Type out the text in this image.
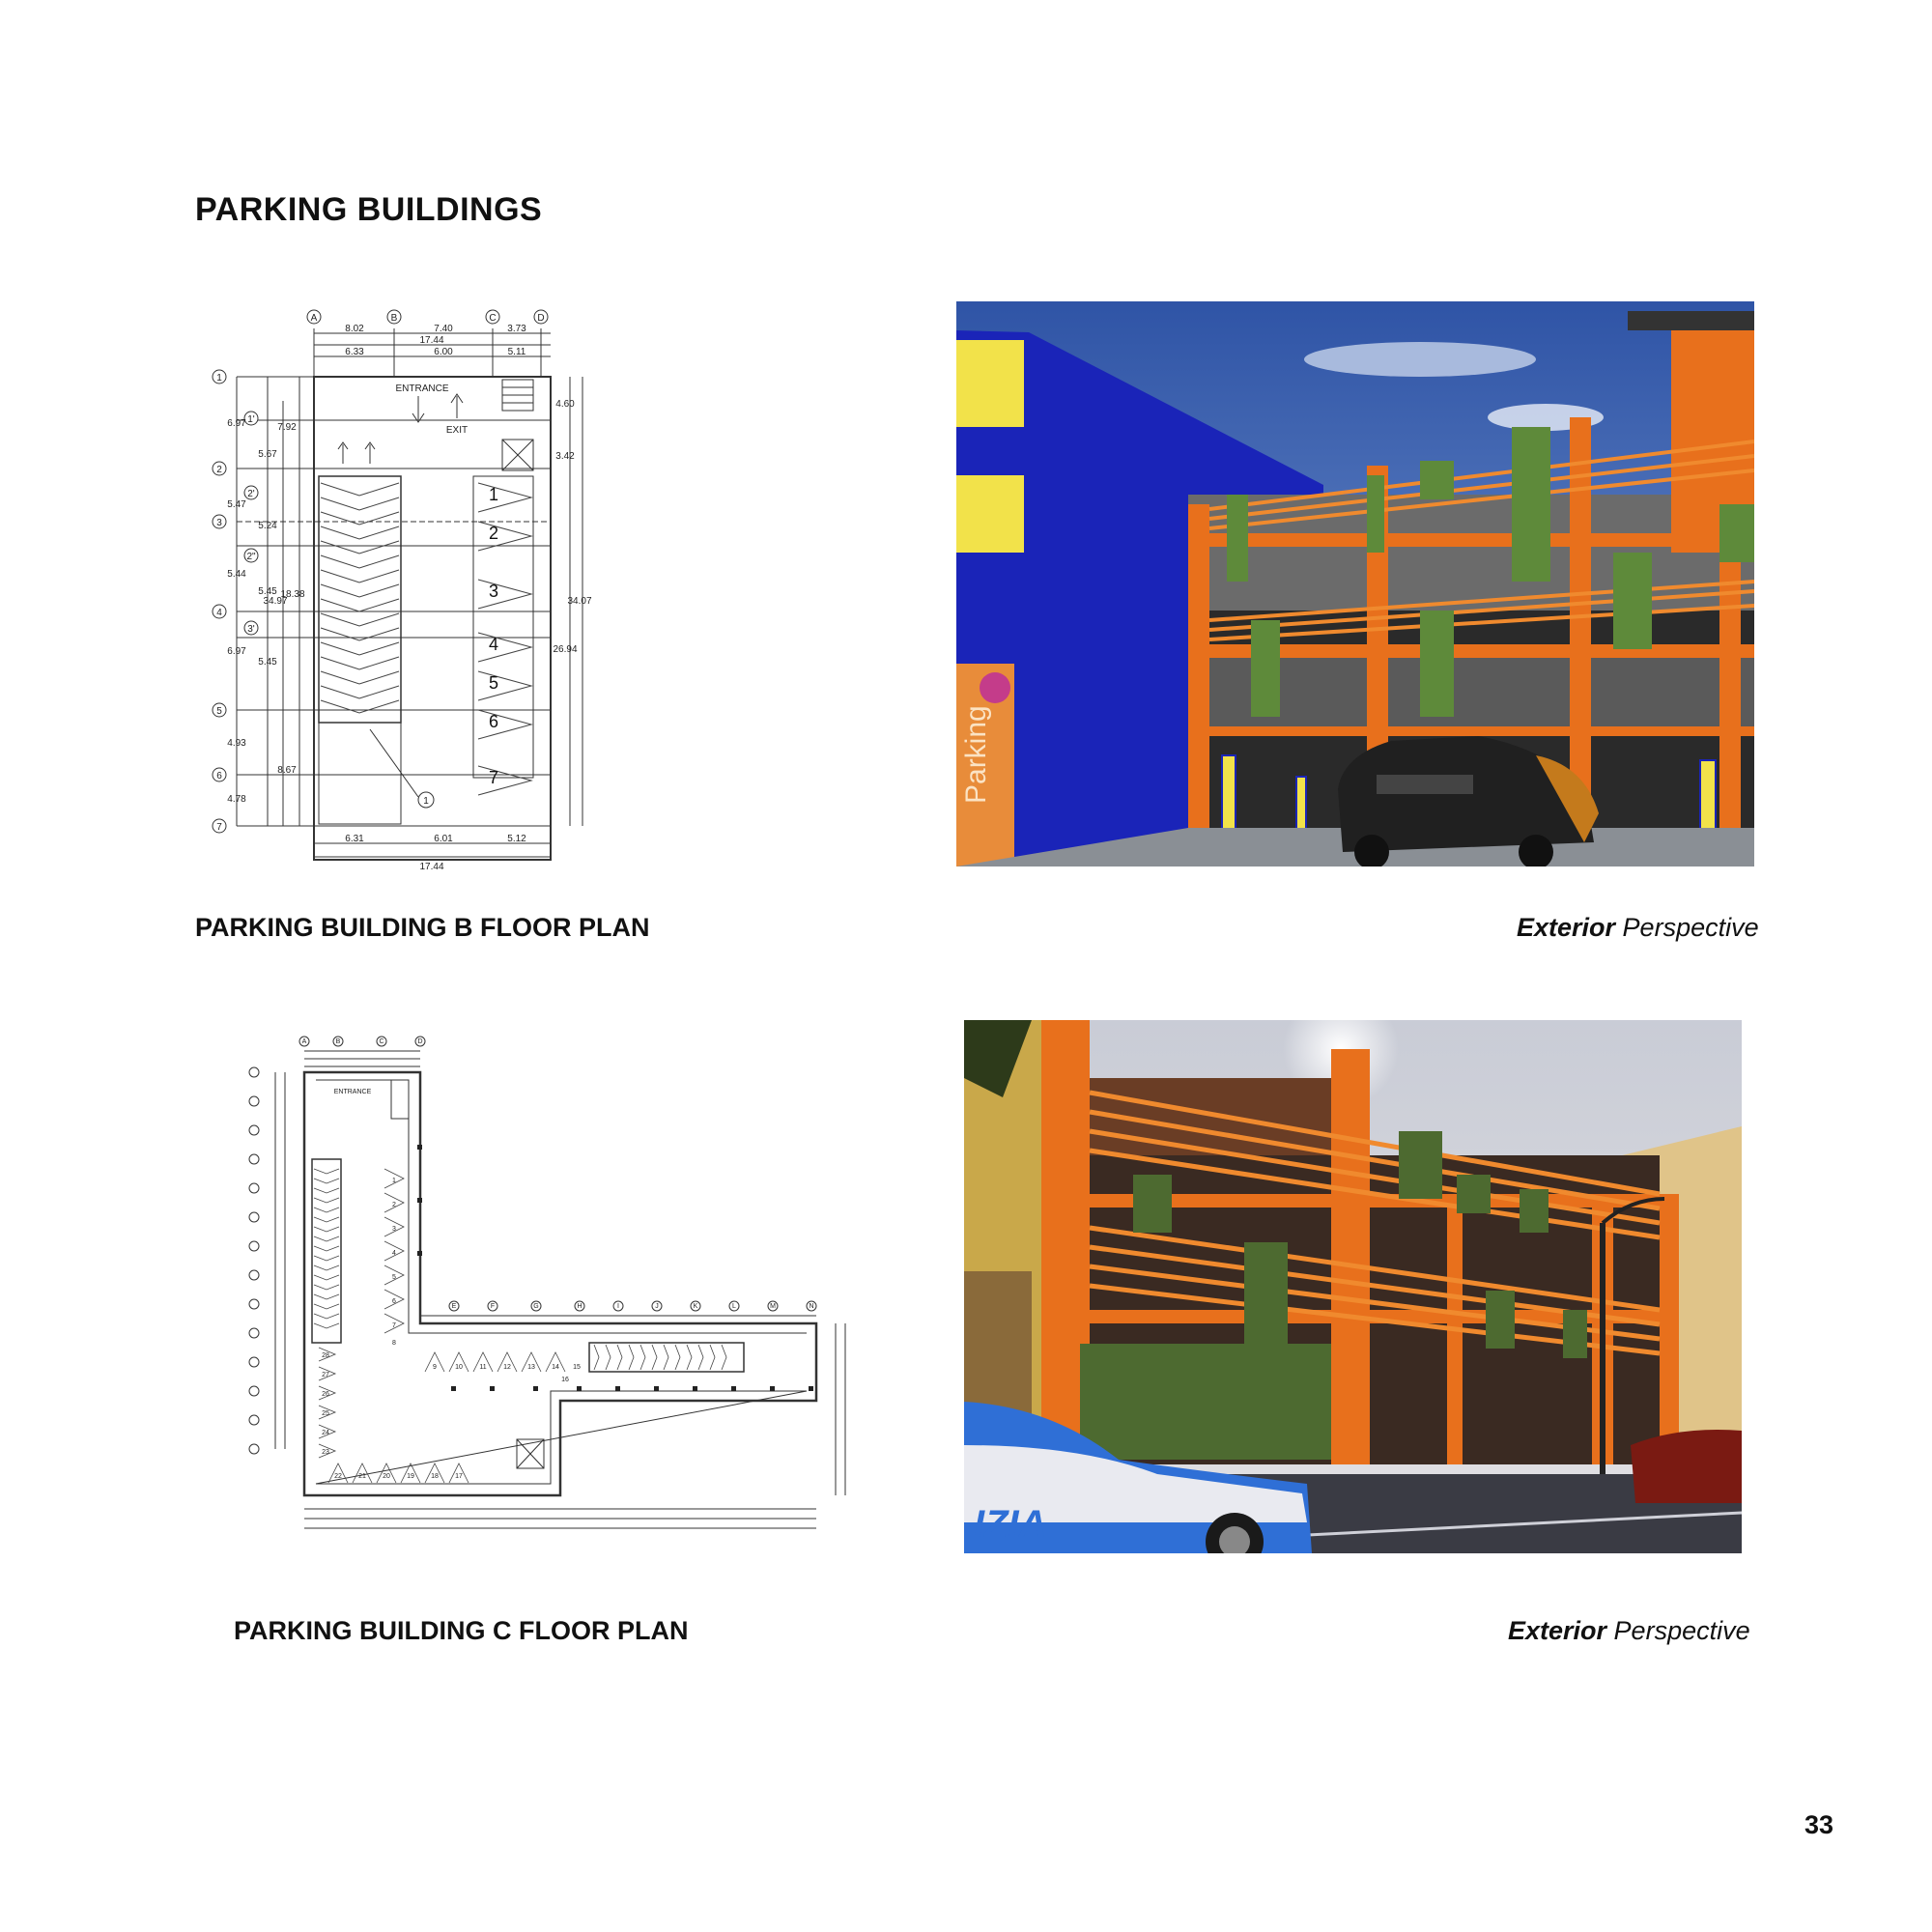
PARKING BUILDINGS
A	B	C	D
1
1'
2
2'
3
2"
4
3'
5
6
7
1
8.02	7.40	3.73
17.44
6.33	6.00	5.11
6.31	6.01	5.12
17.44
6.97	7.92
5.67
5.47
5.24
5.44
5.45
34.97
18.38
6.97
5.45
4.93
8.67
4.78
4.60
3.42
34.07
26.94
ENTRANCE
EXIT
1
2
3
4
5
6
7
PARKING BUILDING B FLOOR PLAN
Parking
Exterior Perspective
A	B	C	D
E	F	G	H	I	J	K	L	M	N
ENTRANCE
1
2
3
4
5
6
7
8
9	10 11 12 13 14 15
16
28
27
26
25
24
23
22 21 20 19 18 17
PARKING BUILDING C FLOOR PLAN
IZIA
Exterior Perspective
33
